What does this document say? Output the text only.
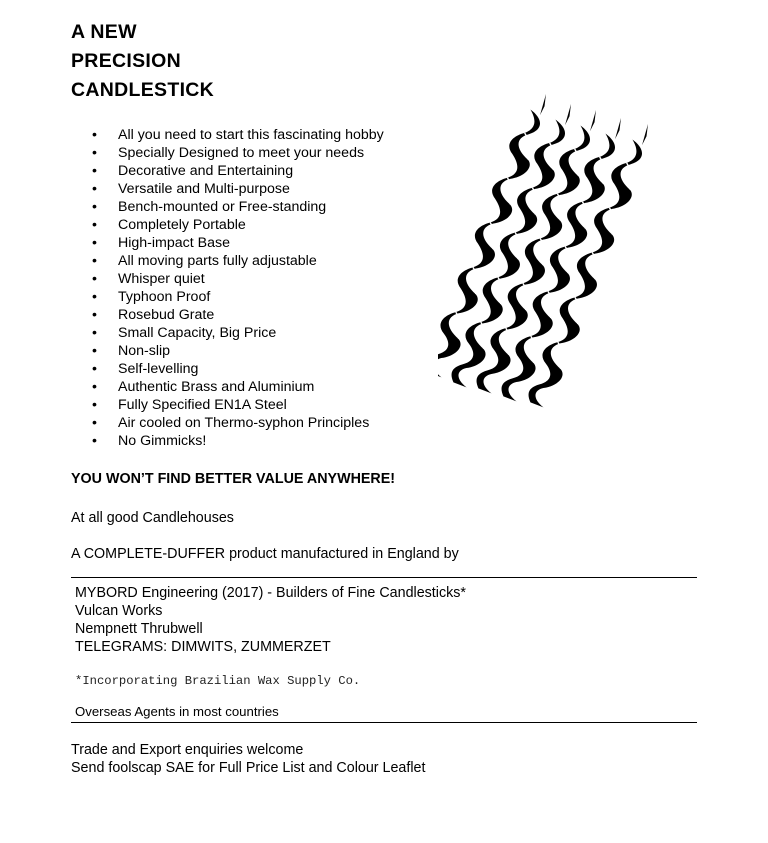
A NEW
PRECISION
CANDLESTICK
• All you need to start this fascinating hobby
• Specially Designed to meet your needs
• Decorative and Entertaining
• Versatile and Multi-purpose
• Bench-mounted or Free-standing
• Completely Portable
• High-impact Base
• All moving parts fully adjustable
• Whisper quiet
• Typhoon Proof
• Rosebud Grate
• Small Capacity, Big Price
• Non-slip
• Self-levelling
• Authentic Brass and Aluminium
• Fully Specified EN1A Steel
• Air cooled on Thermo-syphon Principles
• No Gimmicks!

YOU WON’T FIND BETTER VALUE ANYWHERE!

At all good Candlehouses

A COMPLETE-DUFFER product manufactured in England by

MYBORD Engineering (2017) - Builders of Fine Candlesticks*
Vulcan Works
Nempnett Thrubwell
TELEGRAMS: DIMWITS, ZUMMERZET

*Incorporating Brazilian Wax Supply Co.

Overseas Agents in most countries

Trade and Export enquiries welcome
Send foolscap SAE for Full Price List and Colour Leaflet
